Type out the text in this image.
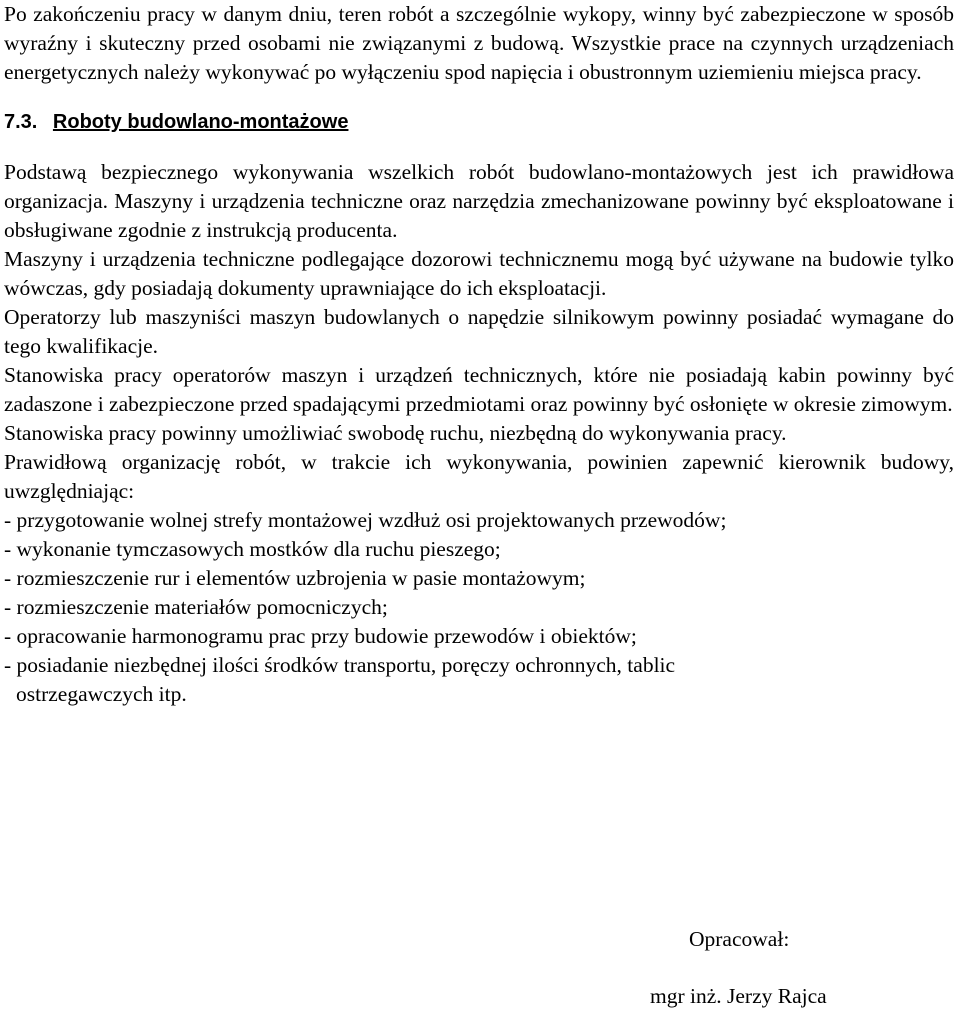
Po zakończeniu pracy w danym dniu, teren robót a szczególnie wykopy, winny być zabezpieczone w sposób wyraźny i skuteczny przed osobami nie związanymi z budową. Wszystkie prace na czynnych urządzeniach energetycznych należy wykonywać po wyłączeniu spod napięcia i obustronnym uziemieniu miejsca pracy.

7.3. Roboty budowlano-montażowe

Podstawą bezpiecznego wykonywania wszelkich robót budowlano-montażowych jest ich prawidłowa organizacja. Maszyny i urządzenia techniczne oraz narzędzia zmechanizowane powinny być eksploatowane i obsługiwane zgodnie z instrukcją producenta.

Maszyny i urządzenia techniczne podlegające dozorowi technicznemu mogą być używane na budowie tylko wówczas, gdy posiadają dokumenty uprawniające do ich eksploatacji.

Operatorzy lub maszyniści maszyn budowlanych o napędzie silnikowym powinny posiadać wymagane do tego kwalifikacje.

Stanowiska pracy operatorów maszyn i urządzeń technicznych, które nie posiadają kabin powinny być zadaszone i zabezpieczone przed spadającymi przedmiotami oraz powinny być osłonięte w okresie zimowym.

Stanowiska pracy powinny umożliwiać swobodę ruchu, niezbędną do wykonywania pracy.

Prawidłową organizację robót, w trakcie ich wykonywania, powinien zapewnić kierownik budowy, uwzględniając:

- przygotowanie wolnej strefy montażowej wzdłuż osi projektowanych przewodów;
- wykonanie tymczasowych mostków dla ruchu pieszego;
- rozmieszczenie rur i elementów uzbrojenia w pasie montażowym;
- rozmieszczenie materiałów pomocniczych;
- opracowanie harmonogramu prac przy budowie przewodów i obiektów;
- posiadanie niezbędnej ilości środków transportu, poręczy ochronnych, tablic
ostrzegawczych itp.
Opracował:
mgr inż. Jerzy Rajca
